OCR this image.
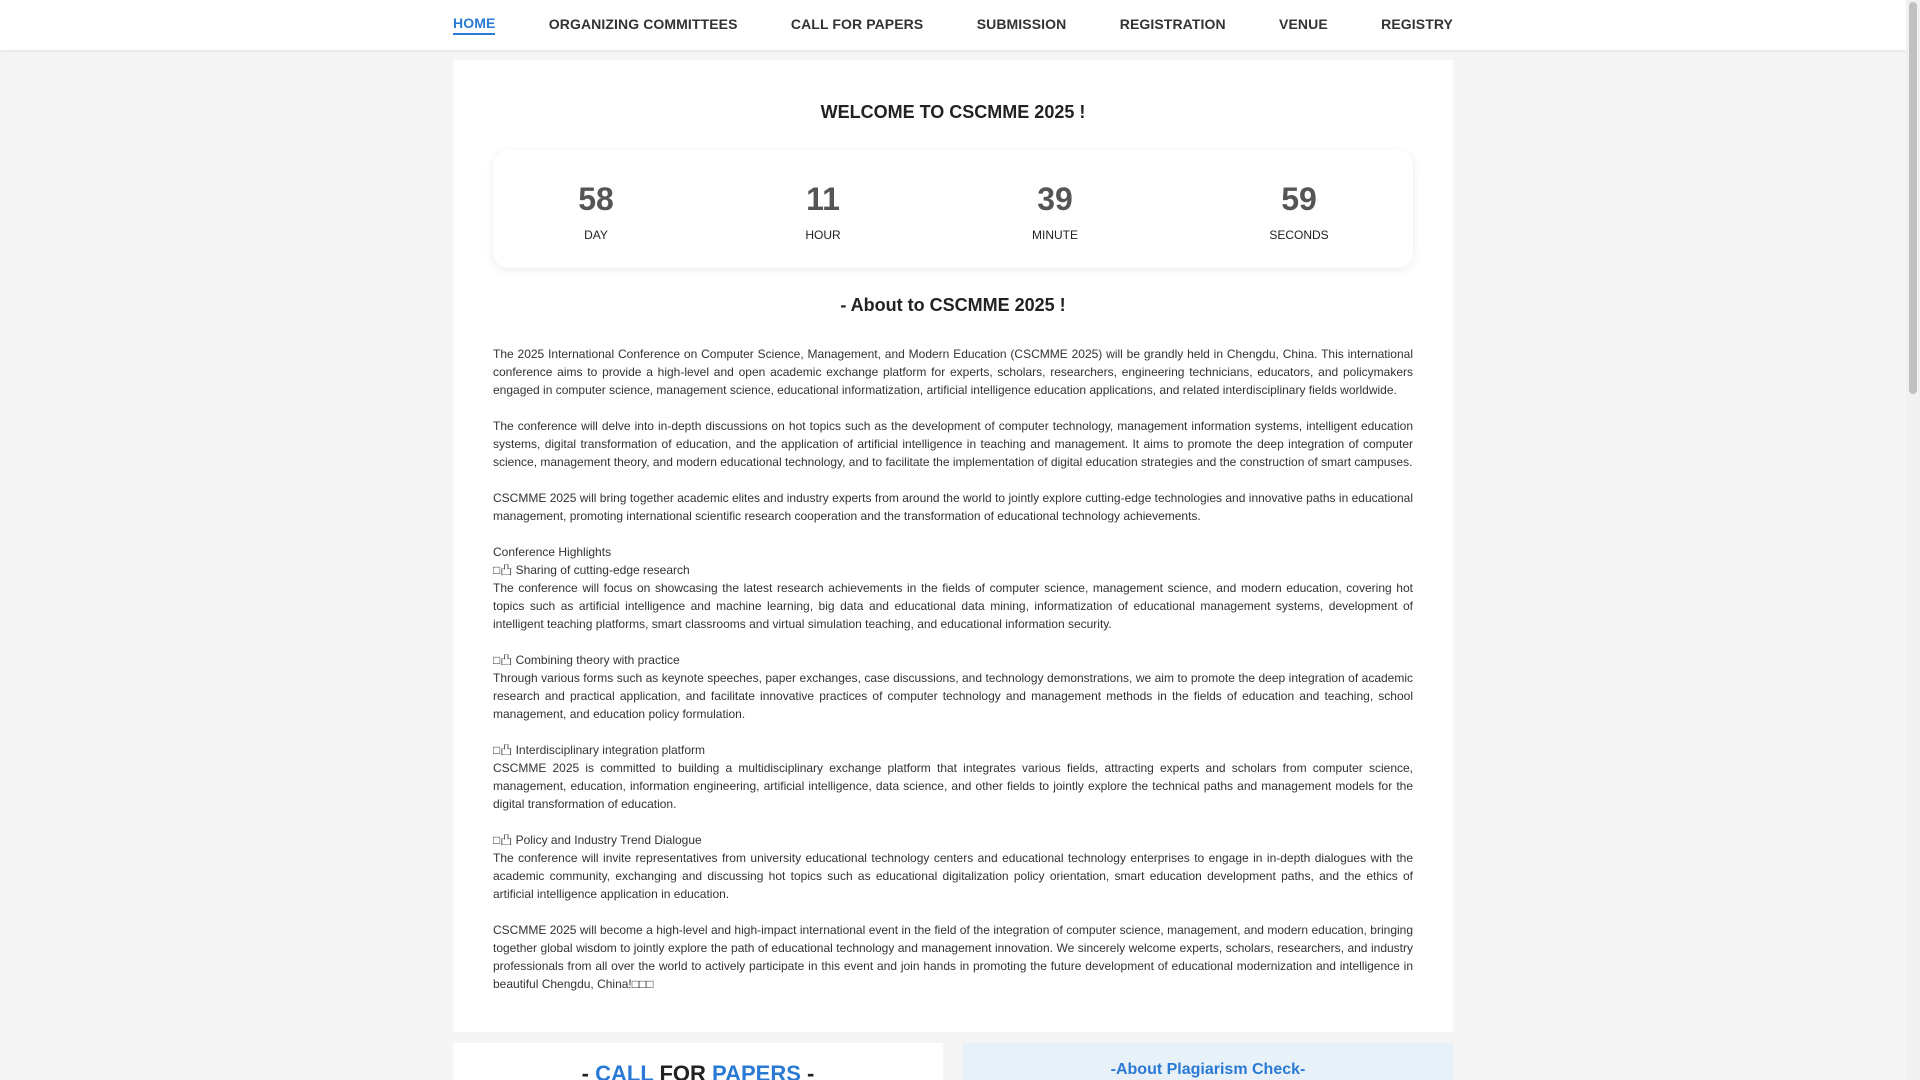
HOME	ORGANIZING COMMITTEES	CALL FOR PAPERS	SUBMISSION	REGISTRATION	VENUE	REGISTRY
WELCOME TO CSCMME 2025 !
58
DAY
11
HOUR
39
MINUTE
59
SECONDS
- About to CSCMME 2025 !

The 2025 International Conference on Computer Science, Management, and Modern Education (CSCMME 2025) will be grandly held in Chengdu, China. This international conference aims to provide a high-level and open academic exchange platform for experts, scholars, researchers, engineering technicians, educators, and policymakers engaged in computer science, management science, educational informatization, artificial intelligence education applications, and related interdisciplinary fields worldwide.

The conference will delve into in-depth discussions on hot topics such as the development of computer technology, management information systems, intelligent education systems, digital transformation of education, and the application of artificial intelligence in teaching and management. It aims to promote the deep integration of computer science, management theory, and modern educational technology, and to facilitate the implementation of digital education strategies and the construction of smart campuses.

CSCMME 2025 will bring together academic elites and industry experts from around the world to jointly explore cutting-edge technologies and innovative paths in educational management, promoting international scientific research cooperation and the transformation of educational technology achievements.

Conference Highlights

□凸 Sharing of cutting-edge research

The conference will focus on showcasing the latest research achievements in the fields of computer science, management science, and modern education, covering hot topics such as artificial intelligence and machine learning, big data and educational data mining, informatization of educational management systems, development of intelligent teaching platforms, smart classrooms and virtual simulation teaching, and educational information security.

□凸 Combining theory with practice

Through various forms such as keynote speeches, paper exchanges, case discussions, and technology demonstrations, we aim to promote the deep integration of academic research and practical application, and facilitate innovative practices of computer technology and management methods in the fields of education and teaching, school management, and education policy formulation.

□凸 Interdisciplinary integration platform

CSCMME 2025 is committed to building a multidisciplinary exchange platform that integrates various fields, attracting experts and scholars from computer science, management, education, information engineering, artificial intelligence, data science, and other fields to jointly explore the technical paths and management models for the digital transformation of education.

□凸 Policy and Industry Trend Dialogue

The conference will invite representatives from university educational technology centers and educational technology enterprises to engage in in-depth dialogues with the academic community, exchanging and discussing hot topics such as educational digitalization policy orientation, smart education development paths, and the ethics of artificial intelligence application in education.

CSCMME 2025 will become a high-level and high-impact international event in the field of the integration of computer science, management, and modern education, bringing together global wisdom to jointly explore the path of educational technology and management innovation. We sincerely welcome experts, scholars, researchers, and industry professionals from all over the world to actively participate in this event and join hands in promoting the future development of educational modernization and intelligence in beautiful Chengdu, China!□□□

- CALL FOR PAPERS -	-About Plagiarism Check-
